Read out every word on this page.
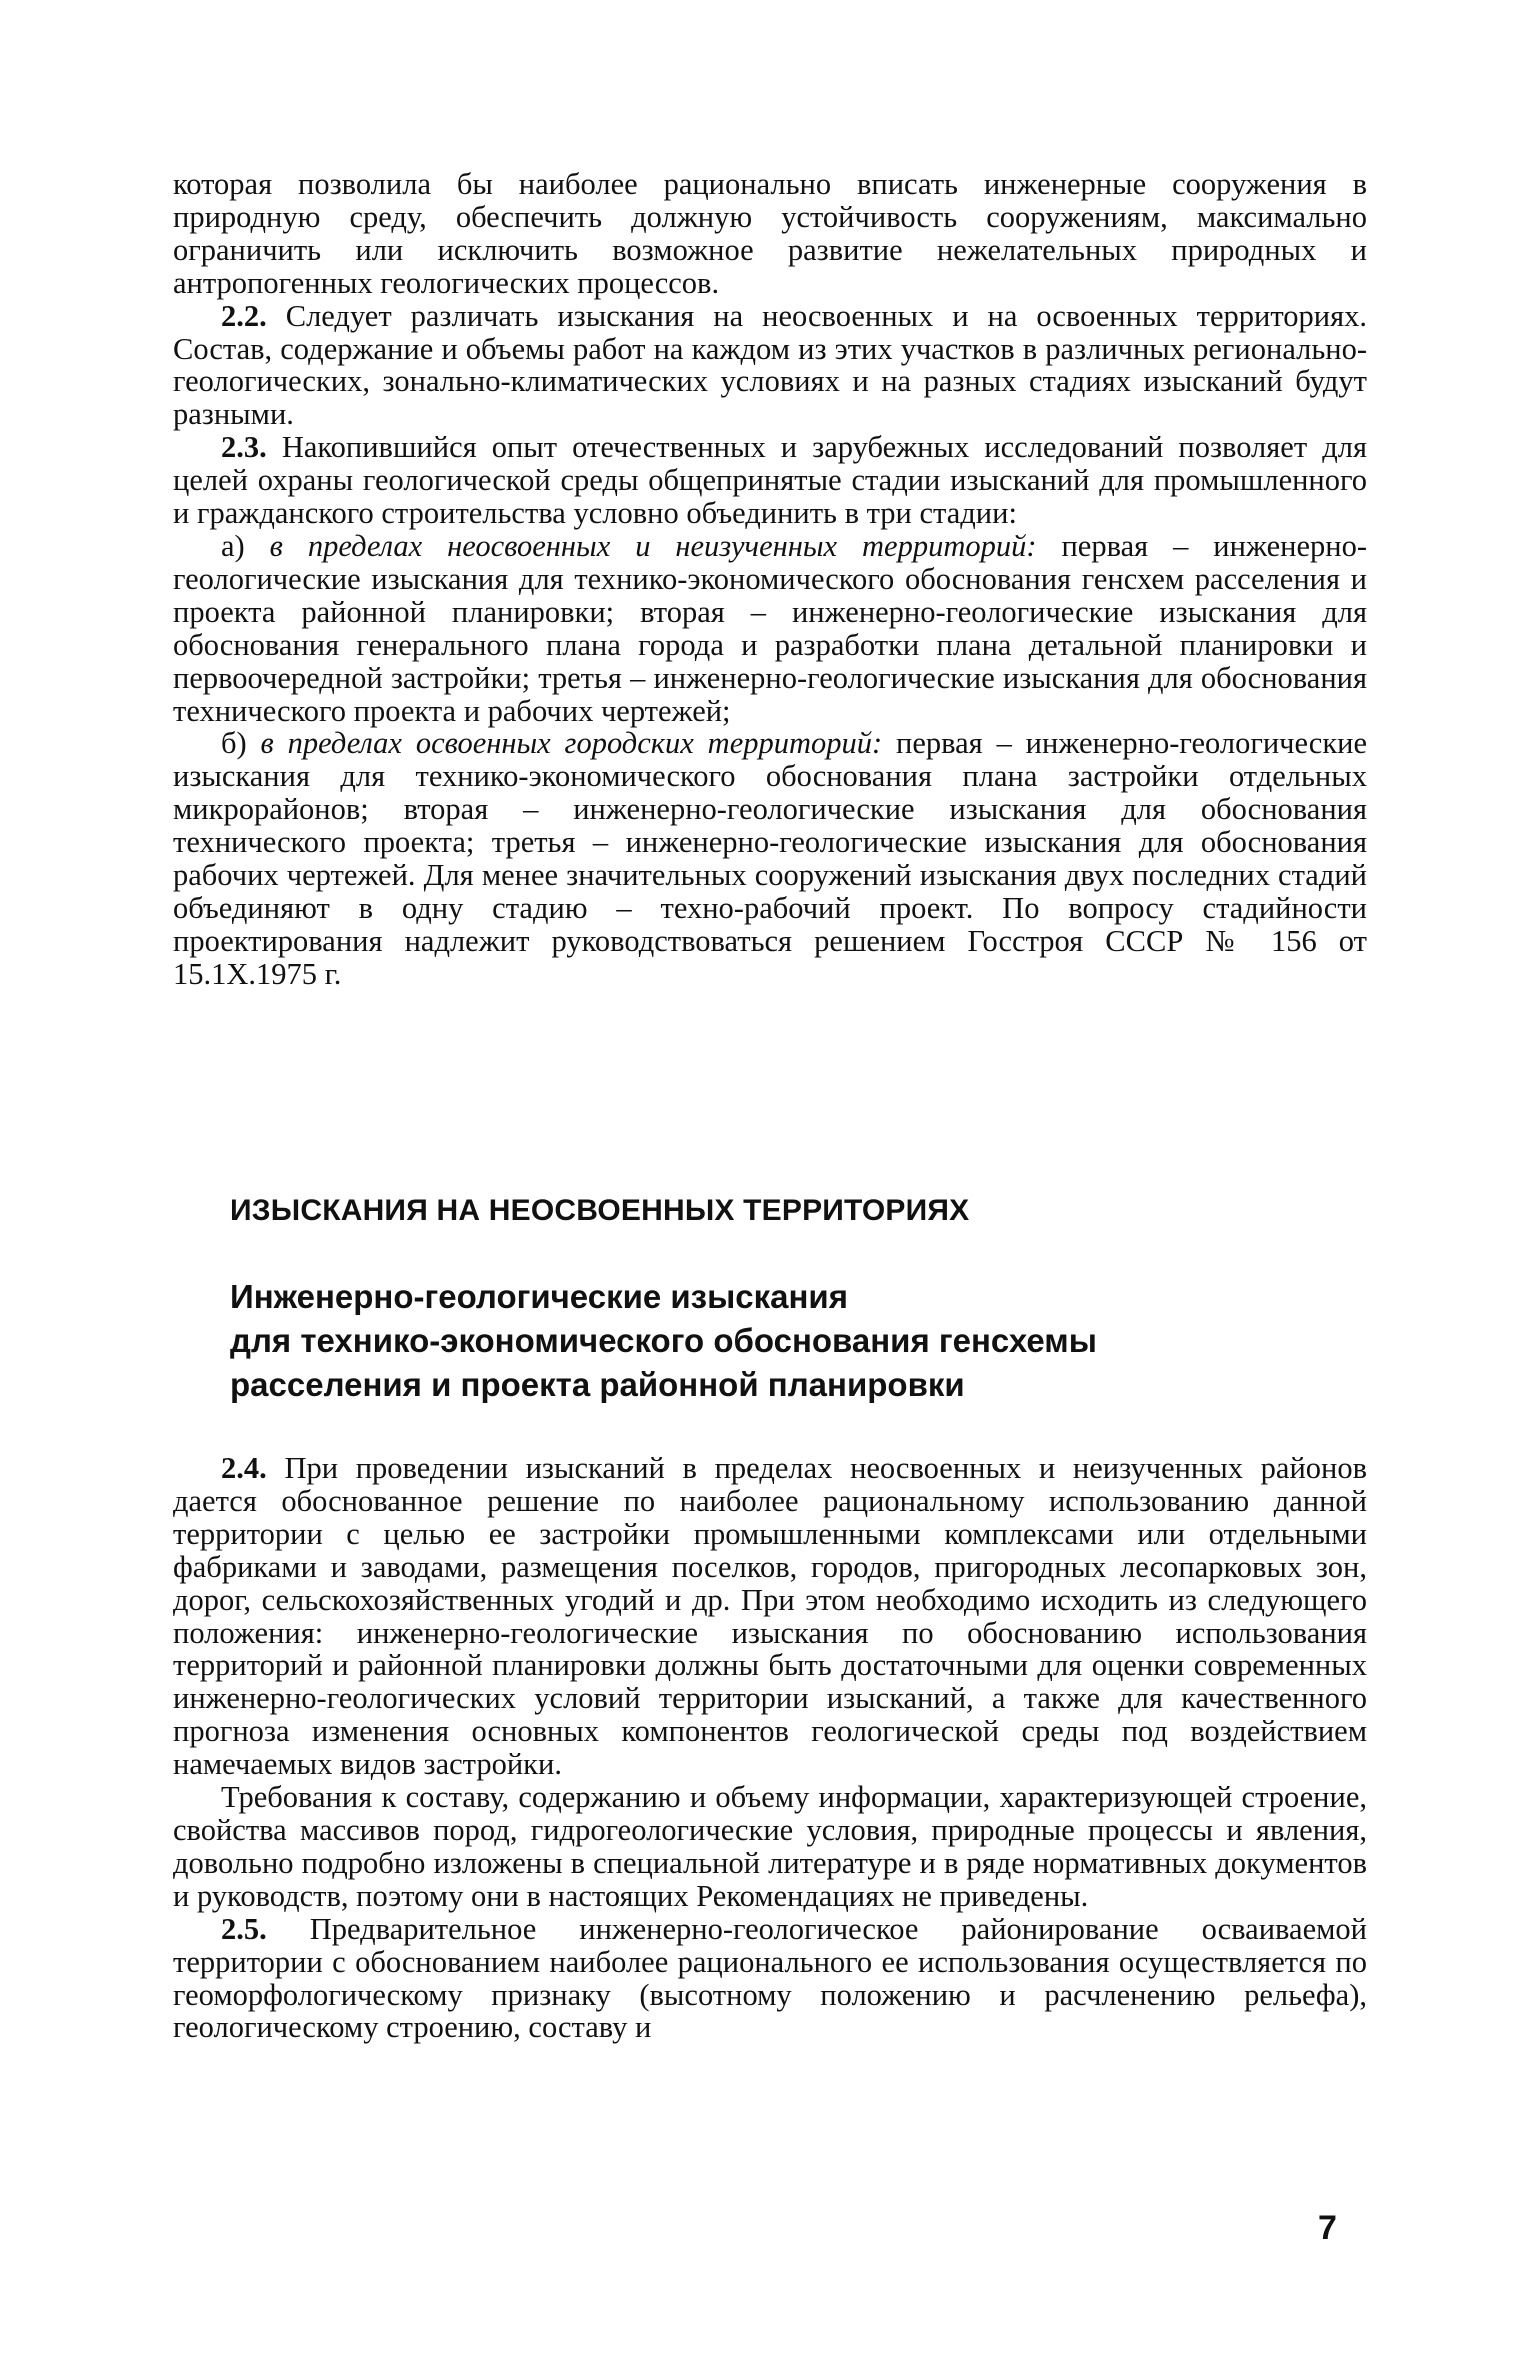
которая позволила бы наиболее рационально вписать инженерные сооружения в природную среду, обеспечить должную устойчивость сооружениям, максимально ограничить или исключить возможное развитие нежелательных природных и антропогенных геологических процессов.

2.2. Следует различать изыскания на неосвоенных и на освоенных территориях. Состав, содержание и объемы работ на каждом из этих участков в различных регионально-геологических, зонально-климатических условиях и на разных стадиях изысканий будут разными.

2.3. Накопившийся опыт отечественных и зарубежных исследований позволяет для целей охраны геологической среды общепринятые стадии изысканий для промышленного и гражданского строительства условно объединить в три стадии:

а) в пределах неосвоенных и неизученных территорий: первая – инженерно-геологические изыскания для технико-экономического обоснования генсхем расселения и проекта районной планировки; вторая – инженерно-геологические изыскания для обоснования генерального плана города и разработки плана детальной планировки и первоочередной застройки; третья – инженерно-геологические изыскания для обоснования технического проекта и рабочих чертежей;

б) в пределах освоенных городских территорий: первая – инженерно-геологические изыскания для технико-экономического обоснования плана застройки отдельных микрорайонов; вторая – инженерно-геологические изыскания для обоснования технического проекта; третья – инженерно-геологические изыскания для обоснования рабочих чертежей. Для менее значительных сооружений изыскания двух последних стадий объединяют в одну стадию – техно-рабочий проект. По вопросу стадийности проектирования надлежит руководствоваться решением Госстроя СССР № 156 от 15.1Х.1975 г.

ИЗЫСКАНИЯ НА НЕОСВОЕННЫХ ТЕРРИТОРИЯХ
Инженерно-геологические изыскания
для технико-экономического обоснования генсхемы
расселения и проекта районной планировки

2.4. При проведении изысканий в пределах неосвоенных и неизученных районов дается обоснованное решение по наиболее рациональному использованию данной территории с целью ее застройки промышленными комплексами или отдельными фабриками и заводами, размещения поселков, городов, пригородных лесопарковых зон, дорог, сельскохозяйственных угодий и др. При этом необходимо исходить из следующего положения: инженерно-геологические изыскания по обоснованию использования территорий и районной планировки должны быть достаточными для оценки современных инженерно-геологических условий территории изысканий, а также для качественного прогноза изменения основных компонентов геологической среды под воздействием намечаемых видов застройки.

Требования к составу, содержанию и объему информации, характеризующей строение, свойства массивов пород, гидрогеологические условия, природные процессы и явления, довольно подробно изложены в специальной литературе и в ряде нормативных документов и руководств, поэтому они в настоящих Рекомендациях не приведены.

2.5. Предварительное инженерно-геологическое районирование осваиваемой территории с обоснованием наиболее рационального ее использования осуществляется по геоморфологическому признаку (высотному положению и расчленению рельефа), геологическому строению, составу и

7
